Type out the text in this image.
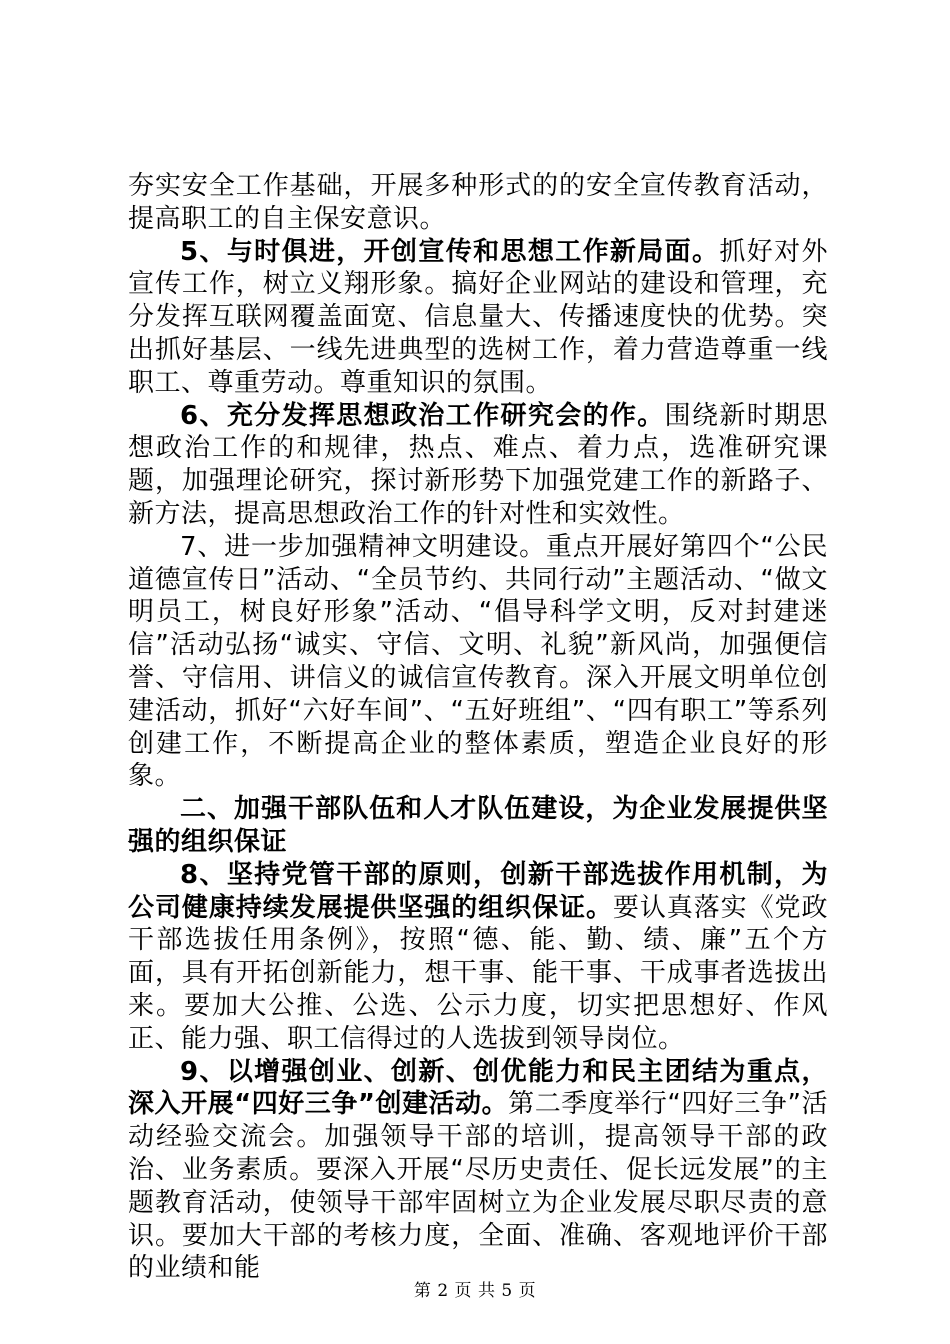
夯实安全工作基础，开展多种形式的的安全宣传教育活动，提高职工的自主保安意识。

5、与时俱进，开创宣传和思想工作新局面。抓好对外宣传工作，树立义翔形象。搞好企业网站的建设和管理，充分发挥互联网覆盖面宽、信息量大、传播速度快的优势。突出抓好基层、一线先进典型的选树工作，着力营造尊重一线职工、尊重劳动。尊重知识的氛围。

6、充分发挥思想政治工作研究会的作。围绕新时期思想政治工作的和规律，热点、难点、着力点，选准研究课题，加强理论研究，探讨新形势下加强党建工作的新路子、新方法，提高思想政治工作的针对性和实效性。

7、进一步加强精神文明建设。重点开展好第四个“公民道德宣传日”活动、“全员节约、共同行动”主题活动、“做文明员工，树良好形象”活动、“倡导科学文明，反对封建迷信”活动弘扬“诚实、守信、文明、礼貌”新风尚，加强便信誉、守信用、讲信义的诚信宣传教育。深入开展文明单位创建活动，抓好“六好车间”、“五好班组”、“四有职工”等系列创建工作，不断提高企业的整体素质，塑造企业良好的形象。

二、加强干部队伍和人才队伍建设，为企业发展提供坚强的组织保证

8、坚持党管干部的原则，创新干部选拔作用机制，为公司健康持续发展提供坚强的组织保证。要认真落实《党政干部选拔任用条例》，按照“德、能、勤、绩、廉”五个方面，具有开拓创新能力，想干事、能干事、干成事者选拔出来。要加大公推、公选、公示力度，切实把思想好、作风正、能力强、职工信得过的人选拔到领导岗位。

9、以增强创业、创新、创优能力和民主团结为重点，深入开展“四好三争”创建活动。第二季度举行“四好三争”活动经验交流会。加强领导干部的培训，提高领导干部的政治、业务素质。要深入开展“尽历史责任、促长远发展”的主题教育活动，使领导干部牢固树立为企业发展尽职尽责的意识。要加大干部的考核力度，全面、准确、客观地评价干部的业绩和能

第 2 页 共 5 页
